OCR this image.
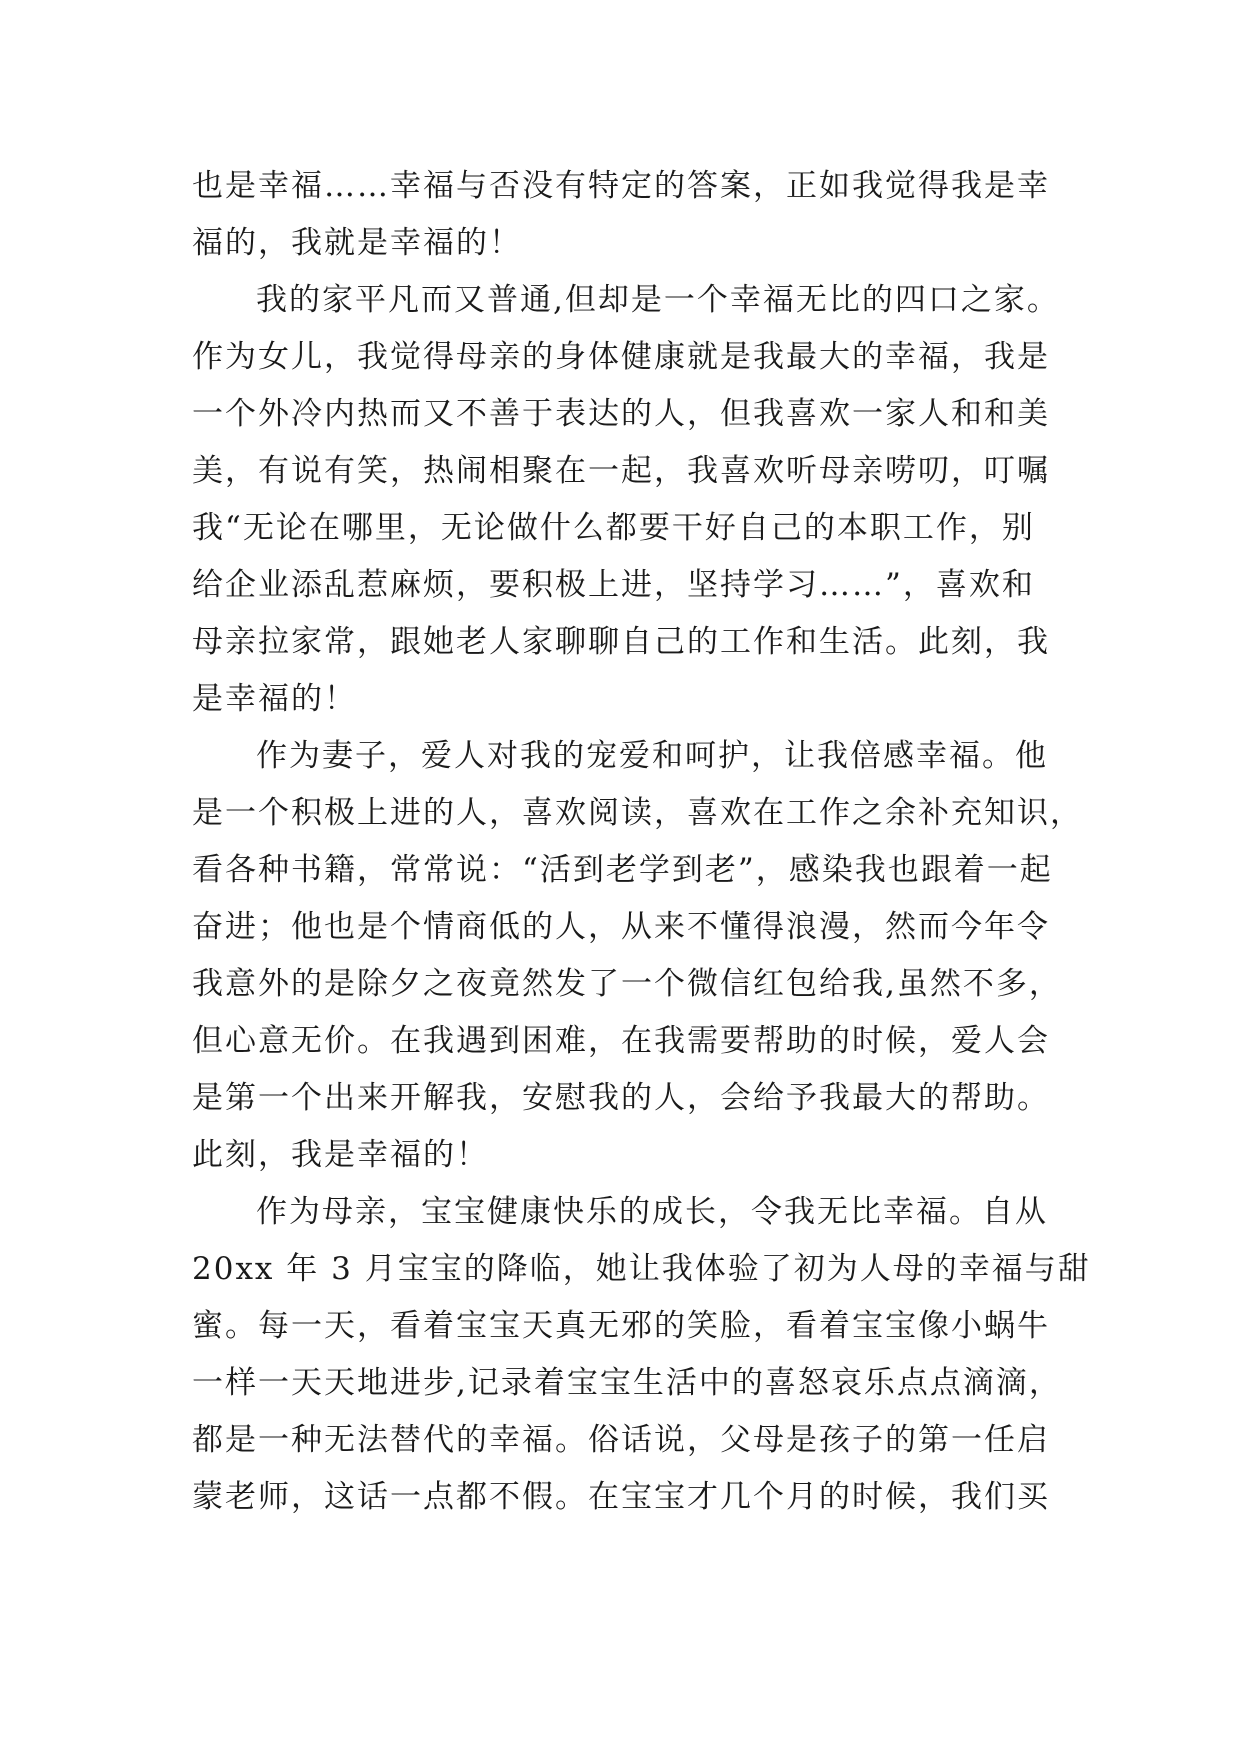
也是幸福……幸福与否没有特定的答案，正如我觉得我是幸
福的，我就是幸福的！
我的家平凡而又普通,但却是一个幸福无比的四口之家。
作为女儿，我觉得母亲的身体健康就是我最大的幸福，我是
一个外冷内热而又不善于表达的人，但我喜欢一家人和和美
美，有说有笑，热闹相聚在一起，我喜欢听母亲唠叨，叮嘱
我“无论在哪里，无论做什么都要干好自己的本职工作，别
给企业添乱惹麻烦，要积极上进，坚持学习……”，喜欢和
母亲拉家常，跟她老人家聊聊自己的工作和生活。此刻，我
是幸福的！
作为妻子，爱人对我的宠爱和呵护，让我倍感幸福。他
是一个积极上进的人，喜欢阅读，喜欢在工作之余补充知识，
看各种书籍，常常说：“活到老学到老”，感染我也跟着一起
奋进；他也是个情商低的人，从来不懂得浪漫，然而今年令
我意外的是除夕之夜竟然发了一个微信红包给我,虽然不多，
但心意无价。在我遇到困难，在我需要帮助的时候，爱人会
是第一个出来开解我，安慰我的人，会给予我最大的帮助。
此刻，我是幸福的！
作为母亲，宝宝健康快乐的成长，令我无比幸福。自从
20xx 年 3 月宝宝的降临，她让我体验了初为人母的幸福与甜
蜜。每一天，看着宝宝天真无邪的笑脸，看着宝宝像小蜗牛
一样一天天地进步,记录着宝宝生活中的喜怒哀乐点点滴滴，
都是一种无法替代的幸福。俗话说，父母是孩子的第一任启
蒙老师，这话一点都不假。在宝宝才几个月的时候，我们买
